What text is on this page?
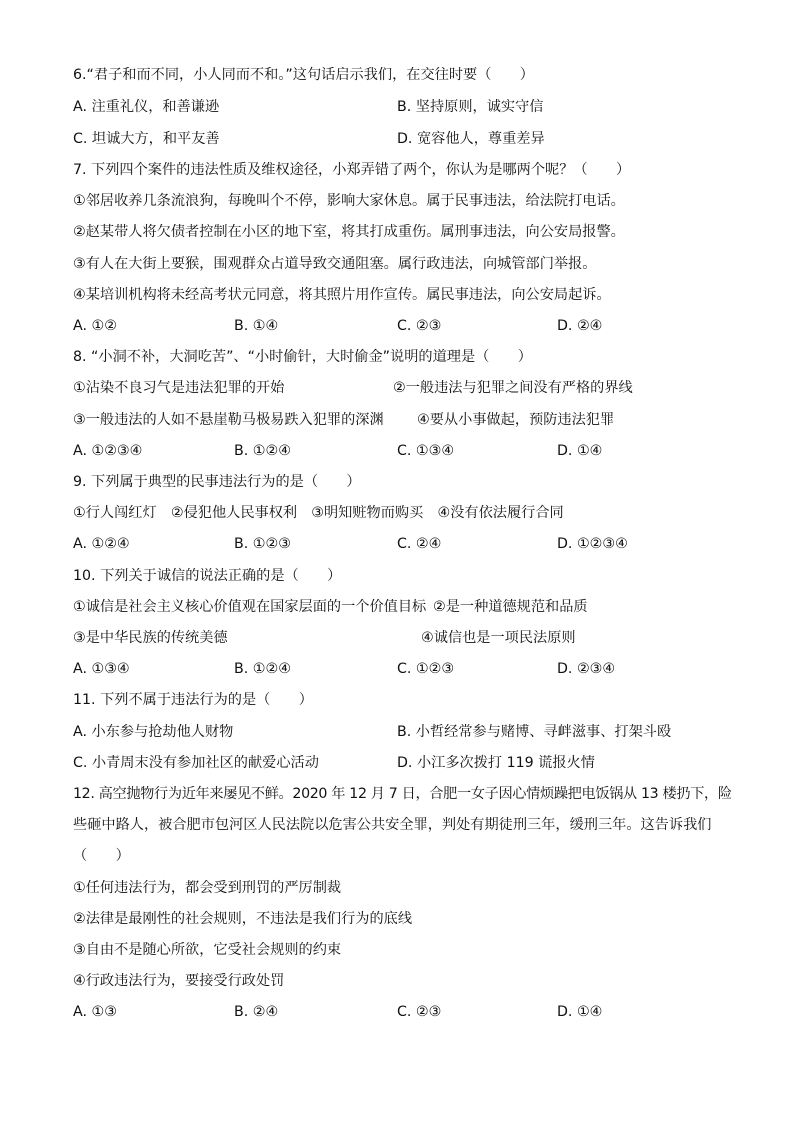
6.“君子和而不同，小人同而不和。”这句话启示我们，在交往时要（　　）
A. 注重礼仪，和善谦逊	B. 坚持原则，诚实守信
C. 坦诚大方，和平友善	D. 宽容他人，尊重差异
7. 下列四个案件的违法性质及维权途径，小郑弄错了两个，你认为是哪两个呢？（　　）
①邻居收养几条流浪狗，每晚叫个不停，影响大家休息。属于民事违法，给法院打电话。
②赵某带人将欠债者控制在小区的地下室，将其打成重伤。属刑事违法，向公安局报警。
③有人在大街上要猴，围观群众占道导致交通阻塞。属行政违法，向城管部门举报。
④某培训机构将未经高考状元同意，将其照片用作宣传。属民事违法，向公安局起诉。
A. ①②	B. ①④	C. ②③	D. ②④
8. “小洞不补，大洞吃苦”、“小时偷针，大时偷金”说明的道理是（　　）
①沾染不良习气是违法犯罪的开始	②一般违法与犯罪之间没有严格的界线
③一般违法的人如不悬崖勒马极易跌入犯罪的深渊 ④要从小事做起，预防违法犯罪
A. ①②③④	B. ①②④	C. ①③④	D. ①④
9. 下列属于典型的民事违法行为的是（　　）
①行人闯红灯　②侵犯他人民事权利　③明知赃物而购买　④没有依法履行合同
A. ①②④	B. ①②③	C. ②④	D. ①②③④
10. 下列关于诚信的说法正确的是（　　）
①诚信是社会主义核心价值观在国家层面的一个价值目标 ②是一种道德规范和品质
③是中华民族的传统美德	④诚信也是一项民法原则
A. ①③④	B. ①②④	C. ①②③	D. ②③④
11. 下列不属于违法行为的是（　　）
A. 小东参与抢劫他人财物	B. 小哲经常参与赌博、寻衅滋事、打架斗殴
C. 小青周末没有参加社区的献爱心活动	D. 小江多次拨打 119 谎报火情
12. 高空抛物行为近年来屡见不鲜。2020 年 12 月 7 日，合肥一女子因心情烦躁把电饭锅从 13 楼扔下，险
些砸中路人，被合肥市包河区人民法院以危害公共安全罪，判处有期徒刑三年，缓刑三年。这告诉我们
（　　）
①任何违法行为，都会受到刑罚的严厉制裁
②法律是最刚性的社会规则，不违法是我们行为的底线
③自由不是随心所欲，它受社会规则的约束
④行政违法行为，要接受行政处罚
A. ①③	B. ②④	C. ②③	D. ①④
